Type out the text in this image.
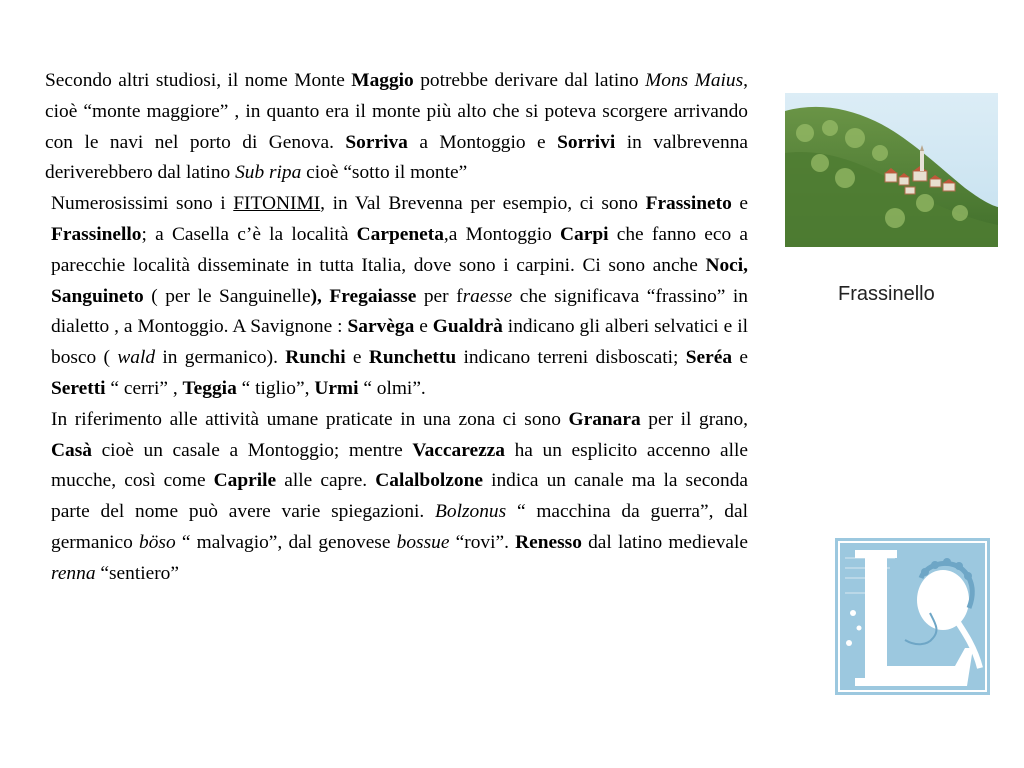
Secondo altri studiosi, il nome Monte Maggio potrebbe derivare dal latino Mons Maius, cioè “monte maggiore” , in quanto era il monte più alto che si poteva scorgere arrivando con le navi nel porto di Genova. Sorriva a Montoggio e Sorrivi in valbrevenna deriverebbero dal latino Sub ripa cioè “sotto il monte”

Numerosissimi sono i FITONIMI, in Val Brevenna per esempio, ci sono Frassineto e Frassinello; a Casella c’è la località Carpeneta,a Montoggio Carpi che fanno eco a parecchie località disseminate in tutta Italia, dove sono i carpini. Ci sono anche Noci, Sanguineto ( per le Sanguinelle), Fregaiasse per fraesse che significava “frassino” in dialetto , a Montoggio. A Savignone : Sarvèga e Gualdrà indicano gli alberi selvatici e il bosco ( wald in germanico). Runchi e Runchettu indicano terreni disboscati; Seréa e Seretti “ cerri” , Teggia “ tiglio”, Urmi “ olmi”.

In riferimento alle attività umane praticate in una zona ci sono Granara per il grano, Casà cioè un casale a Montoggio; mentre Vaccarezza ha un esplicito accenno alle mucche, così come Caprile alle capre. Calalbolzone indica un canale ma la seconda parte del nome può avere varie spiegazioni. Bolzonus “ macchina da guerra”, dal germanico böso “ malvagio”, dal genovese bossue “rovi”. Renesso dal latino medievale renna “sentiero”

Frassinello
